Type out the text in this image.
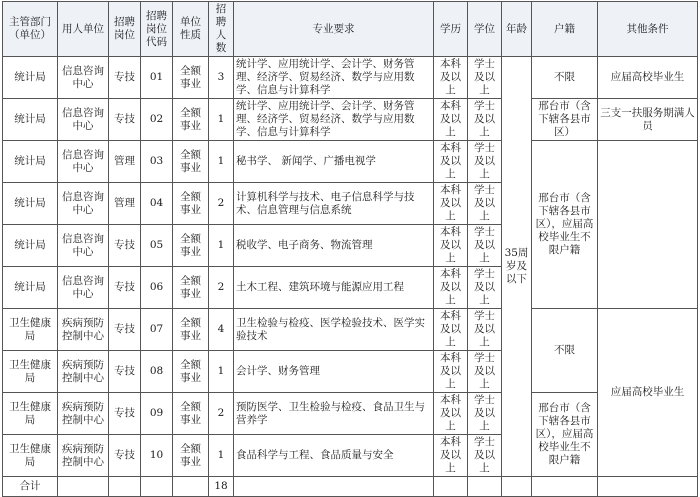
主管部门（单位）	用人单位	招聘岗位	招聘岗位代码	单位性质	招聘人数	专业要求	学历	学位	年龄	户籍	其他条件
统计局	信息咨询中心	专技	01	全额事业	3	统计学、应用统计学、会计学、财务管理、经济学、贸易经济、数学与应用数学、信息与计算科学	本科及以上	学士及以上	35周岁及以下	不限	应届高校毕业生
统计局	信息咨询中心	专技	02	全额事业	1	统计学、应用统计学、会计学、财务管理、经济学、贸易经济、数学与应用数学、信息与计算科学	本科及以上	学士及以上		邢台市（含下辖各县市区）	三支一扶服务期满人员
统计局	信息咨询中心	管理	03	全额事业	1	秘书学、 新闻学、广播电视学	本科及以上	学士及以上		邢台市（含下辖各县市区），应届高校毕业生不限户籍	
统计局	信息咨询中心	管理	04	全额事业	2	计算机科学与技术、电子信息科学与技术、信息管理与信息系统	本科及以上	学士及以上			
统计局	信息咨询中心	专技	05	全额事业	1	税收学、电子商务、物流管理	本科及以上	学士及以上			
统计局	信息咨询中心	专技	06	全额事业	2	土木工程、建筑环境与能源应用工程	本科及以上	学士及以上			
卫生健康局	疾病预防控制中心	专技	07	全额事业	4	卫生检验与检疫、医学检验技术、医学实验技术	本科及以上	学士及以上		不限	应届高校毕业生
卫生健康局	疾病预防控制中心	专技	08	全额事业	1	会计学、财务管理	本科及以上	学士及以上			
卫生健康局	疾病预防控制中心	专技	09	全额事业	2	预防医学、卫生检验与检疫、食品卫生与营养学	本科及以上	学士及以上		邢台市（含下辖各县市区），应届高校毕业生不限户籍	
卫生健康局	疾病预防控制中心	专技	10	全额事业	1	食品科学与工程、食品质量与安全	本科及以上	学士及以上			
合计					18						
